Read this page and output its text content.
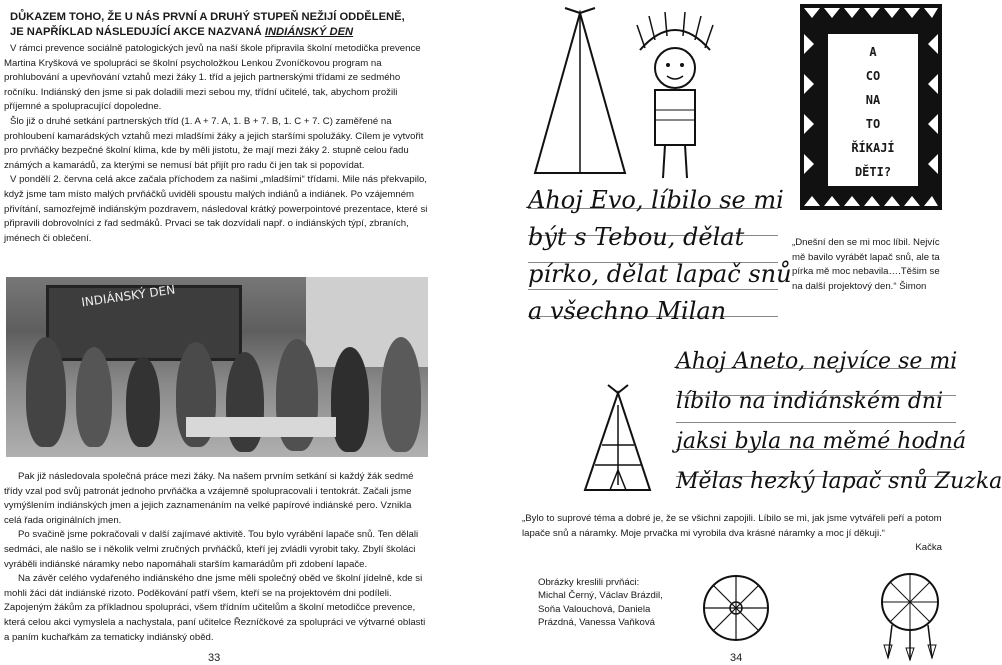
DŮKAZEM TOHO, ŽE U NÁS PRVNÍ A DRUHÝ STUPEŇ NEŽIJÍ ODDĚLENĚ,
JE NAPŘÍKLAD NÁSLEDUJÍCÍ AKCE NAZVANÁ INDIÁNSKÝ DEN

V rámci prevence sociálně patologických jevů na naší škole připravila školní metodička prevence Martina Kryšková ve spolupráci se školní psycholožkou Lenkou Zvoníčkovou program na prohlubování a upevňování vztahů mezi žáky 1. tříd a jejich partnerskými třídami ze sedmého ročníku. Indiánský den jsme si pak doladili mezi sebou my, třídní učitelé, tak, abychom prožili příjemné a spolupracující dopoledne.

Šlo již o druhé setkání partnerských tříd (1. A + 7. A, 1. B + 7. B, 1. C + 7. C) zaměřené na prohloubení kamarádských vztahů mezi mladšími žáky a jejich staršími spolužáky. Cílem je vytvořit pro prvňáčky bezpečné školní klima, kde by měli jistotu, že mají mezi žáky 2. stupně celou řadu známých a kamarádů, za kterými se nemusí bát přijít pro radu či jen tak si popovídat.

V pondělí 2. června celá akce začala příchodem za našimi „mladšími“ třídami. Mile nás překvapilo, když jsme tam místo malých prvňáčků uviděli spoustu malých indiánů a indiánek. Po vzájemném přivítání, samozřejmě indiánským pozdravem, následoval krátký powerpointové prezentace, které si připravili dobrovolníci z řad sedmáků. Prvaci se tak dozvídali např. o indiánských týpí, zbraních, jménech či oblečení.

INDIÁNSKÝ DEN

Pak již následovala společná práce mezi žáky. Na našem prvním setkání si každý žák sedmé třídy vzal pod svůj patronát jednoho prvňáčka a vzájemně spolupracovali i tentokrát. Začali jsme vymýšlením indiánských jmen a jejich zaznamenáním na velké papírové indiánské pero. Vznikla celá řada originálních jmen.

Po svačině jsme pokračovali v další zajímavé aktivitě. Tou bylo vyrábění lapače snů. Ten dělali sedmáci, ale našlo se i několik velmi zručných prvňáčků, kteří jej zvládli vyrobit taky. Zbylí školáci vyráběli indiánské náramky nebo napomáhali starším kamarádům při zdobení lapače.

Na závěr celého vydařeného indiánského dne jsme měli společný oběd ve školní jídelně, kde si mohli žáci dát indiánské rizoto. Poděkování patří všem, kteří se na projektovém dni podíleli. Zapojeným žákům za příkladnou spolupráci, všem třídním učitelům a školní metodičce prevence, která celou akci vymyslela a nachystala, paní učitelce Řezníčkové za spolupráci ve výtvarné oblasti a paním kuchařkám za tematicky indiánský oběd.

33
A
CO
NA
TO
ŘÍKAJÍ
DĚTI?
Ahoj Evo, líbilo se mi
být s Tebou, dělat
pírko, dělat lapač snů
a všechno Milan
„Dnešní den se mi moc líbil. Nejvíc mě bavilo vyrábět lapač snů, ale ta pírka mě moc nebavila….Těšim se na další projektový den.“ Šimon
Ahoj Aneto, nejvíce se mi
líbilo na indiánském dni
jaksi byla na měmé hodná
Mělas hezký lapač snů Zuzka
„Bylo to suprové téma a dobré je, že se všichni zapojili. Líbilo se mi, jak jsme vytvářeli peří a potom lapače snů a náramky. Moje prvačka mi vyrobila dva krásné náramky a moc jí děkuji.“
Kačka
Obrázky kreslili prvňáci:
Michal Černý, Václav Brázdil,
Soňa Valouchová, Daniela
Prázdná, Vanessa Vaňková
34
